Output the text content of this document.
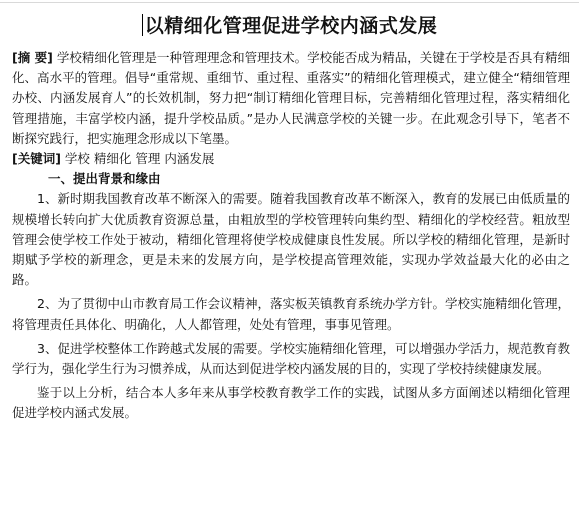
以精细化管理促进学校内涵式发展

[摘 要] 学校精细化管理是一种管理理念和管理技术。学校能否成为精品，关键在于学校是否具有精细化、高水平的管理。倡导“重常规、重细节、重过程、重落实”的精细化管理模式，建立健全“精细管理办校、内涵发展育人”的长效机制，努力把“制订精细化管理目标，完善精细化管理过程，落实精细化管理措施，丰富学校内涵，提升学校品质。”是办人民满意学校的关键一步。在此观念引导下，笔者不断探究践行，把实施理念形成以下笔墨。

[关键词] 学校 精细化 管理 内涵发展

一、提出背景和缘由

1、新时期我国教育改革不断深入的需要。随着我国教育改革不断深入，教育的发展已由低质量的规模增长转向扩大优质教育资源总量，由粗放型的学校管理转向集约型、精细化的学校经营。粗放型管理会使学校工作处于被动，精细化管理将使学校成健康良性发展。所以学校的精细化管理，是新时期赋予学校的新理念，更是未来的发展方向，是学校提高管理效能，实现办学效益最大化的必由之路。

2、为了贯彻中山市教育局工作会议精神，落实板芙镇教育系统办学方针。学校实施精细化管理，将管理责任具体化、明确化，人人都管理，处处有管理，事事见管理。

3、促进学校整体工作跨越式发展的需要。学校实施精细化管理，可以增强办学活力，规范教育教学行为，强化学生行为习惯养成，从而达到促进学校内涵发展的目的，实现了学校持续健康发展。

鉴于以上分析，结合本人多年来从事学校教育教学工作的实践，试图从多方面阐述以精细化管理促进学校内涵式发展。
